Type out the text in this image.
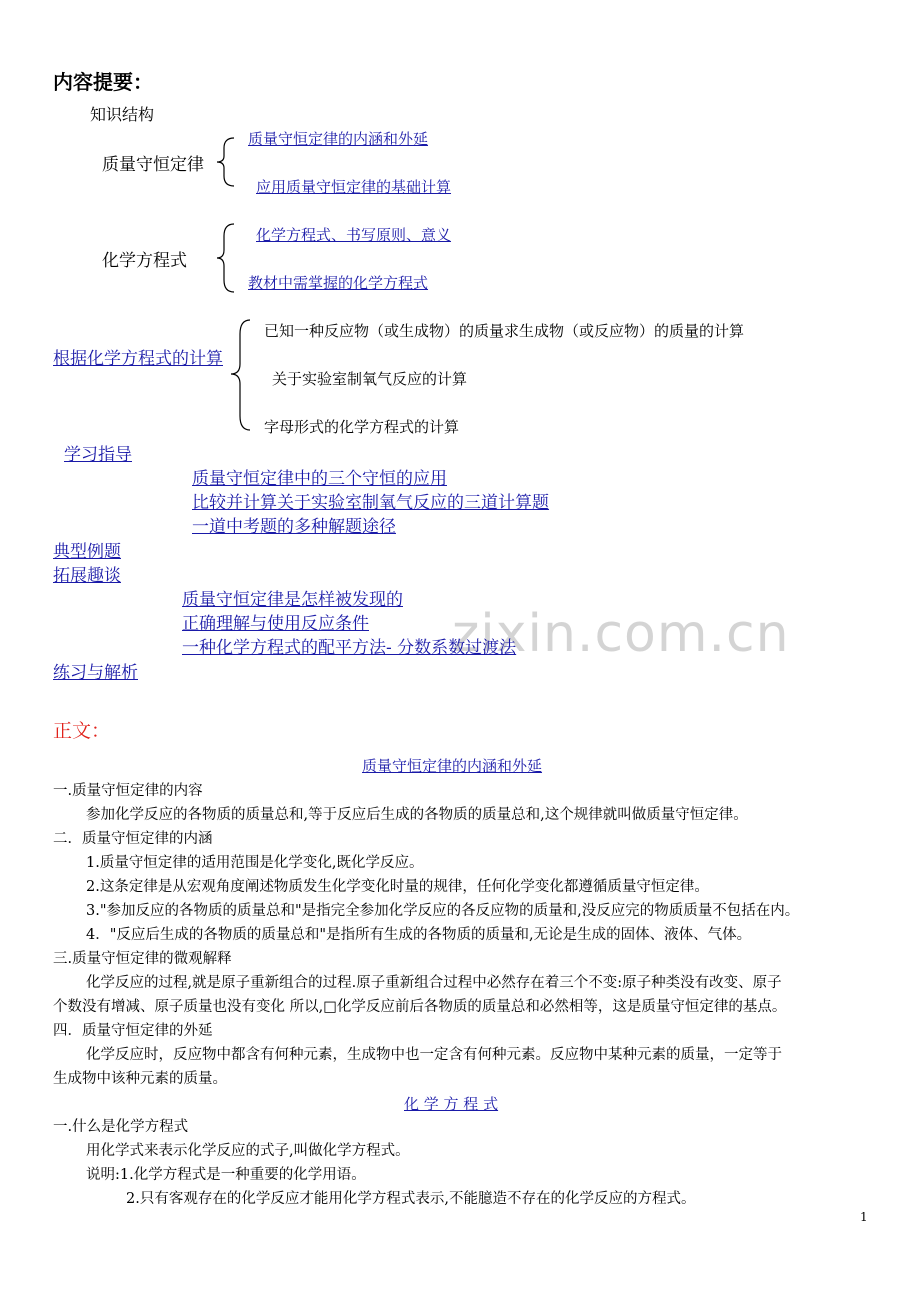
zixin.com.cn
内容提要：
知识结构
质量守恒定律
质量守恒定律的内涵和外延
应用质量守恒定律的基础计算
化学方程式
化学方程式、书写原则、意义
教材中需掌握的化学方程式
根据化学方程式的计算
已知一种反应物（或生成物）的质量求生成物（或反应物）的质量的计算
关于实验室制氧气反应的计算
字母形式的化学方程式的计算
学习指导
质量守恒定律中的三个守恒的应用
比较并计算关于实验室制氧气反应的三道计算题
一道中考题的多种解题途径
典型例题
拓展趣谈
质量守恒定律是怎样被发现的
正确理解与使用反应条件
一种化学方程式的配平方法- 分数系数过渡法
练习与解析
正文：
质量守恒定律的内涵和外延
一.质量守恒定律的内容
参加化学反应的各物质的质量总和,等于反应后生成的各物质的质量总和,这个规律就叫做质量守恒定律。
二．质量守恒定律的内涵
1.质量守恒定律的适用范围是化学变化,既化学反应。
2.这条定律是从宏观角度阐述物质发生化学变化时量的规律，任何化学变化都遵循质量守恒定律。
3."参加反应的各物质的质量总和"是指完全参加化学反应的各反应物的质量和,没反应完的物质质量不包括在内。
4．"反应后生成的各物质的质量总和"是指所有生成的各物质的质量和,无论是生成的固体、液体、气体。
三.质量守恒定律的微观解释
化学反应的过程,就是原子重新组合的过程.原子重新组合过程中必然存在着三个不变:原子种类没有改变、原子
个数没有增减、原子质量也没有变化 所以,□化学反应前后各物质的质量总和必然相等，这是质量守恒定律的基点。
四．质量守恒定律的外延
化学反应时，反应物中都含有何种元素，生成物中也一定含有何种元素。反应物中某种元素的质量，一定等于
生成物中该种元素的质量。
化 学 方 程 式
一.什么是化学方程式
用化学式来表示化学反应的式子,叫做化学方程式。
说明:1.化学方程式是一种重要的化学用语。
2.只有客观存在的化学反应才能用化学方程式表示,不能臆造不存在的化学反应的方程式。
1
